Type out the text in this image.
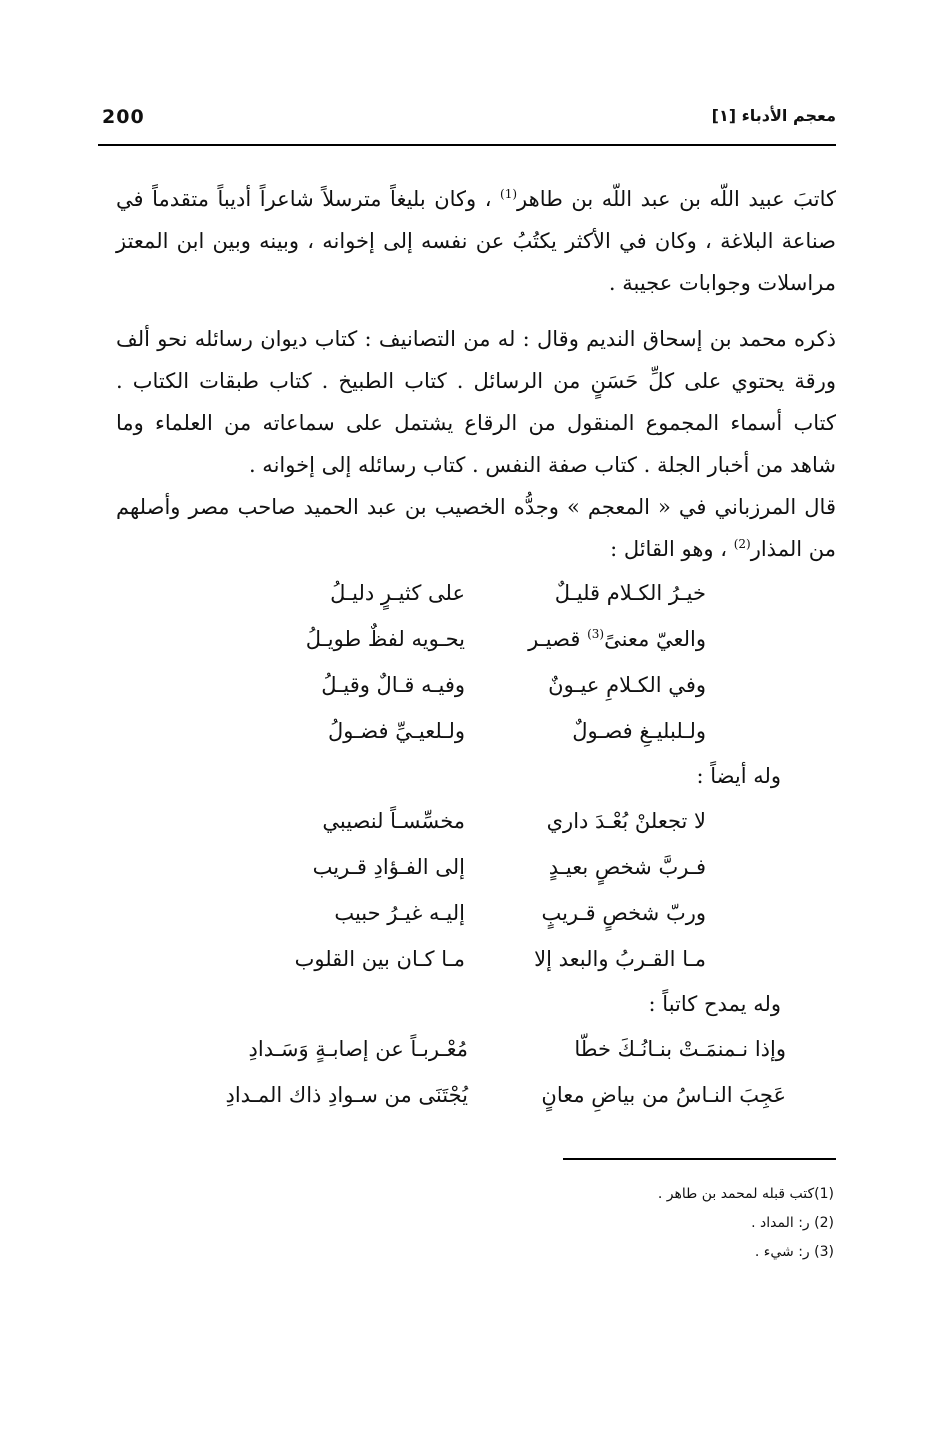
200	معجم الأدباء [١]

كاتبَ عبيد اللّه بن عبد اللّه بن طاهر$^{(1)}$ ، وكان بليغاً مترسلاً شاعراً أديباً متقدماً في صناعة البلاغة ، وكان في الأكثر يكتُبُ عن نفسه إلى إخوانه ، وبينه وبين ابن المعتز مراسلات وجوابات عجيبة .

ذكره محمد بن إسحاق النديم وقال : له من التصانيف : كتاب ديوان رسائله نحو ألف ورقة يحتوي على كلِّ حَسَنٍ من الرسائل . كتاب الطبيخ . كتاب طبقات الكتاب . كتاب أسماء المجموع المنقول من الرقاع يشتمل على سماعاته من العلماء وما شاهد من أخبار الجلة . كتاب صفة النفس . كتاب رسائله إلى إخوانه .

قال المرزباني في « المعجم » وجدُّه الخصيب بن عبد الحميد صاحب مصر وأصلهم من المذار$^{(2)}$ ، وهو القائل :

خيـرُ الكـلام قليـلٌ
على كثيـرٍ دليـلُ
والعيّ معنىً$^{(3)}$ قصيـر
يحـويه لفظٌ طويـلُ
وفي الكـلامِ عيـونٌ
وفيـه قـالٌ وقيـلُ
ولـلبليـغِ فصـولٌ
ولـلعيـيِّ فضـولُ

وله أيضاً :

لا تجعلنْ بُعْـدَ داري
مخسِّسـاً لنصيبي
فـربَّ شخصٍ بعيـدٍ
إلى الفـؤادِ قـريب
وربّ شخصٍ قـريبٍ
إليـه غيـرُ حبيب
مـا القـربُ والبعد إلا
مـا كـان بين القلوب

وله يمدح كاتباً :

وإذا نـمنمَـتْ بنـانُـكَ خطّا
مُعْـربـاً عن إصابـةٍ وَسَـدادِ
عَجِبَ النـاسُ من بياضِ معانٍ
يُجْتَنَى من سـوادِ ذاك المـدادِ
(1)كتب قبله لمحمد بن طاهر .
(2) ر: المداد .
(3) ر: شيء .
